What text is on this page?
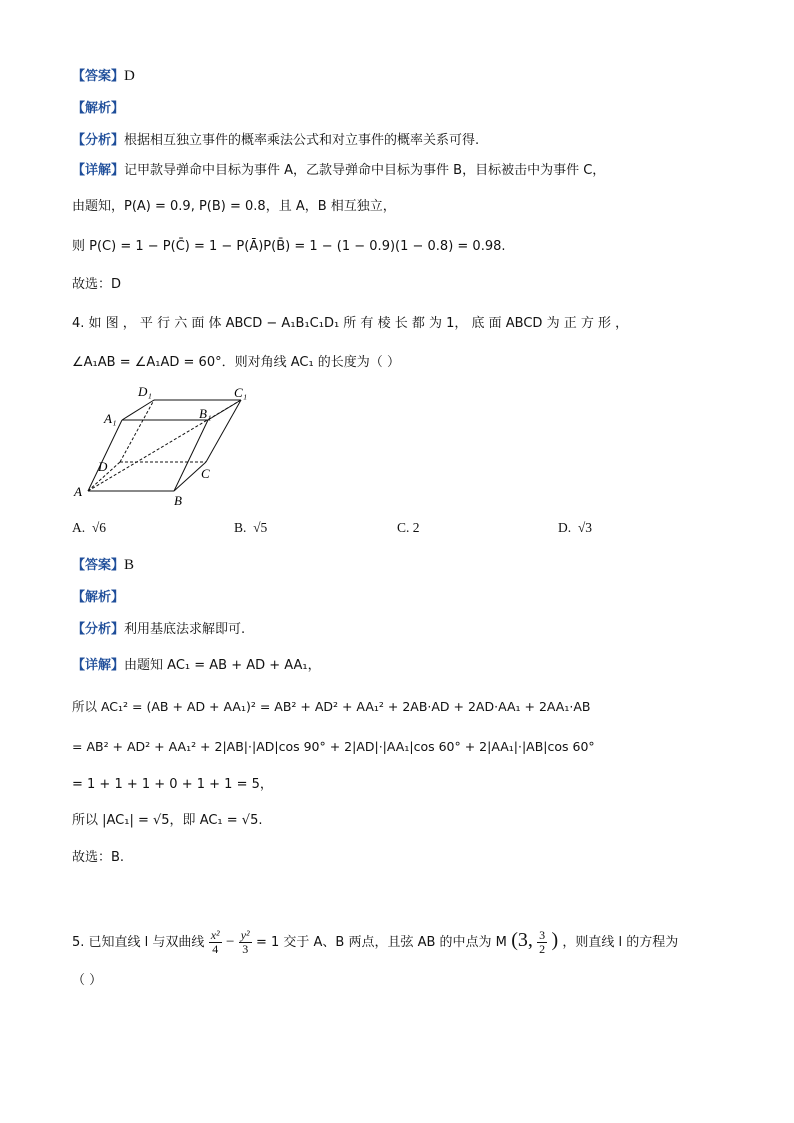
【答案】D
【解析】
【分析】根据相互独立事件的概率乘法公式和对立事件的概率关系可得.
【详解】记甲款导弹命中目标为事件 A，乙款导弹命中目标为事件 B，目标被击中为事件 C，
由题知，P(A) = 0.9, P(B) = 0.8，且 A，B 相互独立，
则 P(C) = 1 − P(C̄) = 1 − P(Ā)P(B̄) = 1 − (1 − 0.9)(1 − 0.8) = 0.98.
故选：D
4. 如 图 ， 平 行 六 面 体 ABCD − A₁B₁C₁D₁ 所 有 棱 长 都 为 1， 底 面 ABCD 为 正 方 形 ，
∠A₁AB = ∠A₁AD = 60°．则对角线 AC₁ 的长度为（ ）
D₁	C₁
A₁	B₁
D	C
A
B
A. √6	B. √5	C. 2	D. √3
【答案】B
【解析】
【分析】利用基底法求解即可.
【详解】由题知 AC₁ = AB + AD + AA₁，
所以 AC₁² = (AB + AD + AA₁)² = AB² + AD² + AA₁² + 2AB·AD + 2AD·AA₁ + 2AA₁·AB
= AB² + AD² + AA₁² + 2|AB|·|AD|cos 90° + 2|AD|·|AA₁|cos 60° + 2|AA₁|·|AB|cos 60°
= 1 + 1 + 1 + 0 + 1 + 1 = 5，
所以 |AC₁| = √5，即 AC₁ = √5.
故选：B.
5. 已知直线 l 与双曲线 $\frac{\text{x²}}{4} - \frac{\text{y²}}{3} = 1$ 交于 A、B 两点，且弦 AB 的中点为 M (3, $\frac{3}{2}$ ) ，则直线 l 的方程为
（ ）
